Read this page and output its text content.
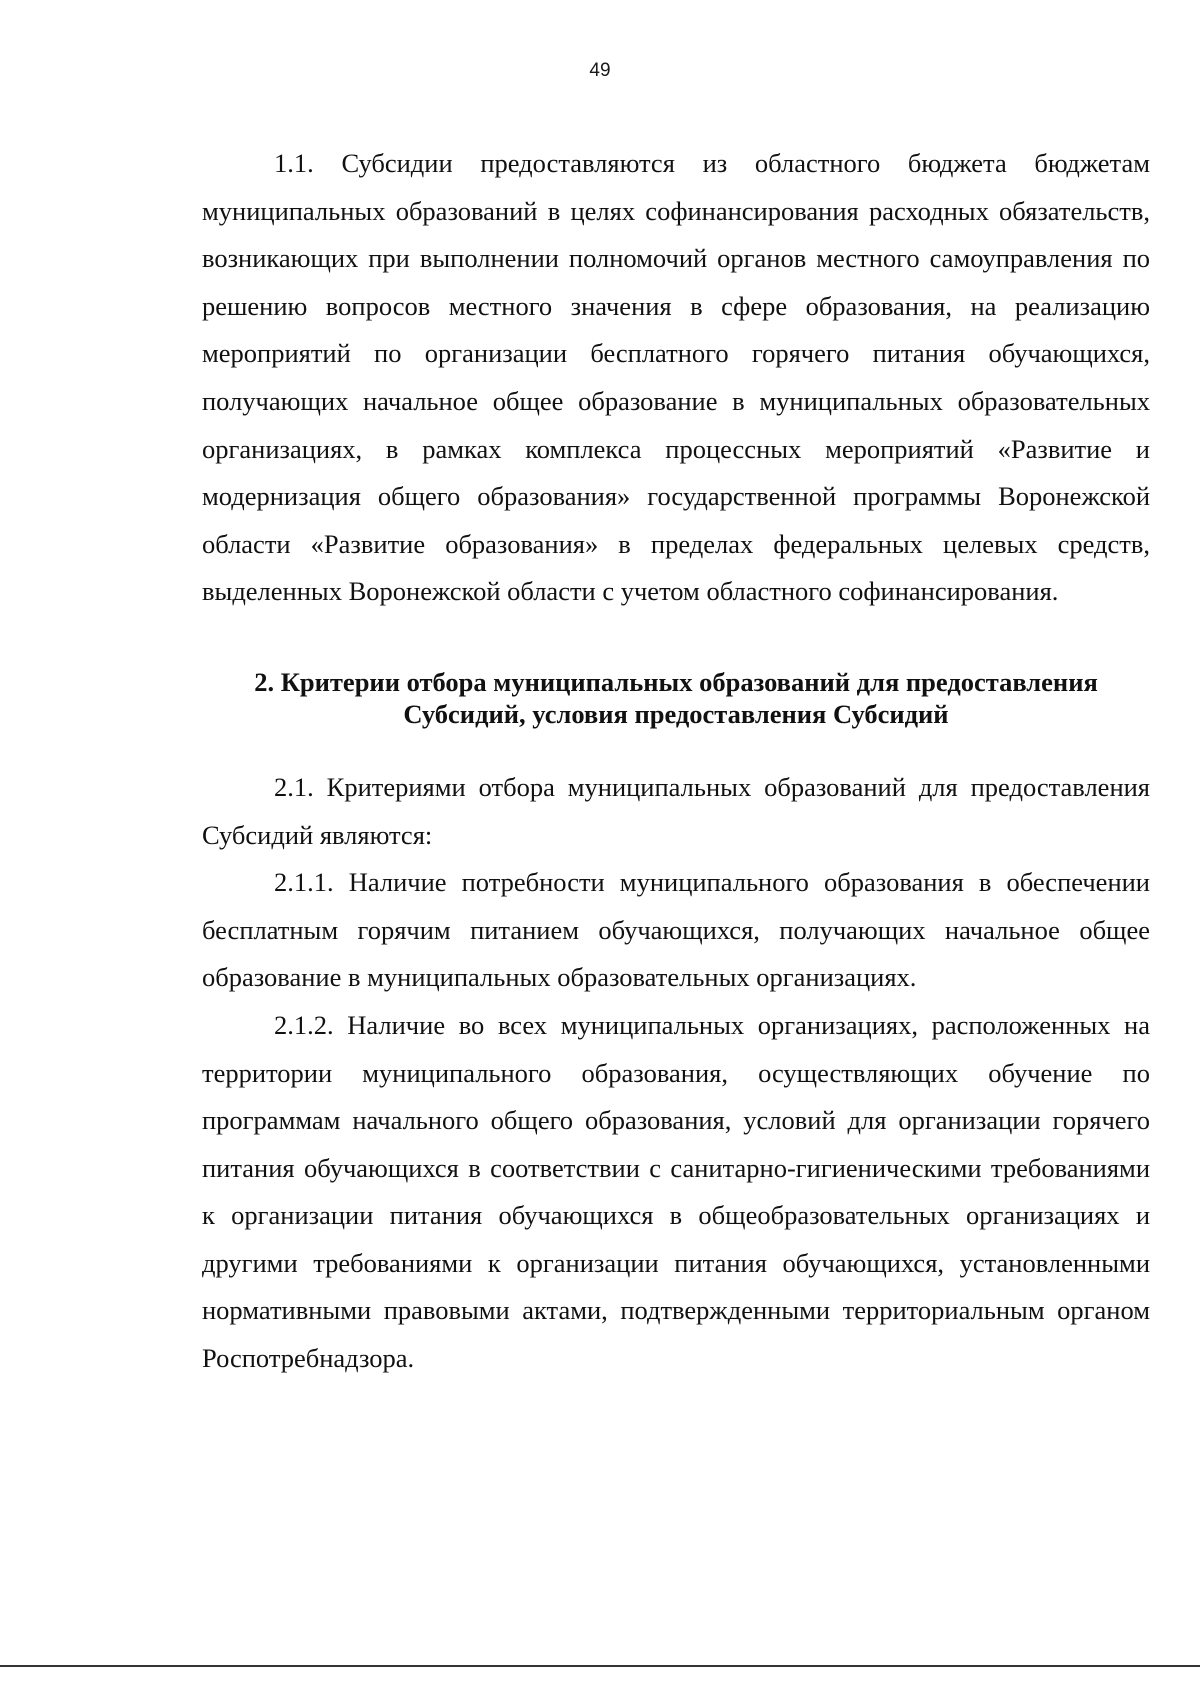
49

1.1. Субсидии предоставляются из областного бюджета бюджетам муниципальных образований в целях софинансирования расходных обязательств, возникающих при выполнении полномочий органов местного самоуправления по решению вопросов местного значения в сфере образования, на реализацию мероприятий по организации бесплатного горячего питания обучающихся, получающих начальное общее образование в муниципальных образовательных организациях, в рамках комплекса процессных мероприятий «Развитие и модернизация общего образования» государственной программы Воронежской области «Развитие образования» в пределах федеральных целевых средств, выделенных Воронежской области с учетом областного софинансирования.

2. Критерии отбора муниципальных образований для предоставления
Субсидий, условия предоставления Субсидий

2.1. Критериями отбора муниципальных образований для предоставления Субсидий являются:

2.1.1. Наличие потребности муниципального образования в обеспечении бесплатным горячим питанием обучающихся, получающих начальное общее образование в муниципальных образовательных организациях.

2.1.2. Наличие во всех муниципальных организациях, расположенных на территории муниципального образования, осуществляющих обучение по программам начального общего образования, условий для организации горячего питания обучающихся в соответствии с санитарно-гигиеническими требованиями к организации питания обучающихся в общеобразовательных организациях и другими требованиями к организации питания обучающихся, установленными нормативными правовыми актами, подтвержденными территориальным органом Роспотребнадзора.
